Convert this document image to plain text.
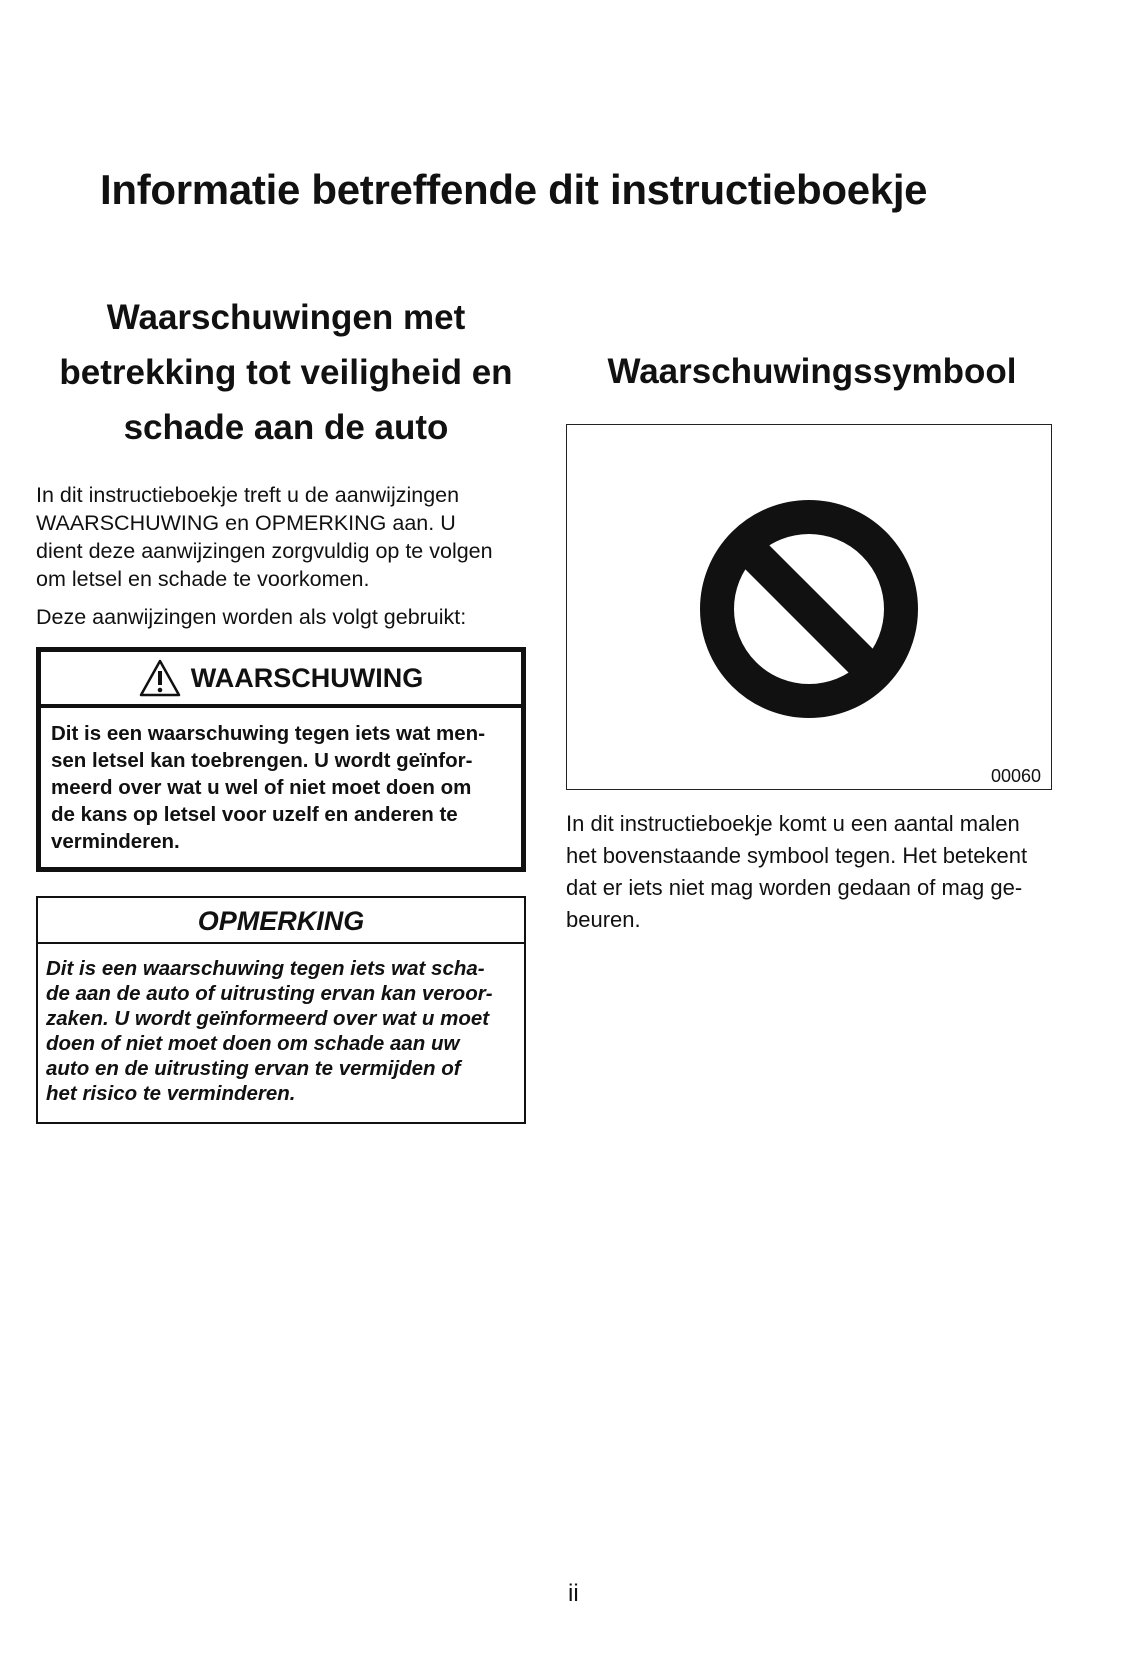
Informatie betreffende dit instructieboekje
Waarschuwingen met
betrekking tot veiligheid en
schade aan de auto

In dit instructieboekje treft u de aanwijzingen
WAARSCHUWING en OPMERKING aan. U
dient deze aanwijzingen zorgvuldig op te volgen
om letsel en schade te voorkomen.

Deze aanwijzingen worden als volgt gebruikt:

WAARSCHUWING

Dit is een waarschuwing tegen iets wat men-
sen letsel kan toebrengen. U wordt geïnfor-
meerd over wat u wel of niet moet doen om
de kans op letsel voor uzelf en anderen te
verminderen.

OPMERKING

Dit is een waarschuwing tegen iets wat scha-
de aan de auto of uitrusting ervan kan veroor-
zaken. U wordt geïnformeerd over wat u moet
doen of niet moet doen om schade aan uw
auto en de uitrusting ervan te vermijden of
het risico te verminderen.

Waarschuwingssymbool
00060

In dit instructieboekje komt u een aantal malen
het bovenstaande symbool tegen. Het betekent
dat er iets niet mag worden gedaan of mag ge-
beuren.

ii
